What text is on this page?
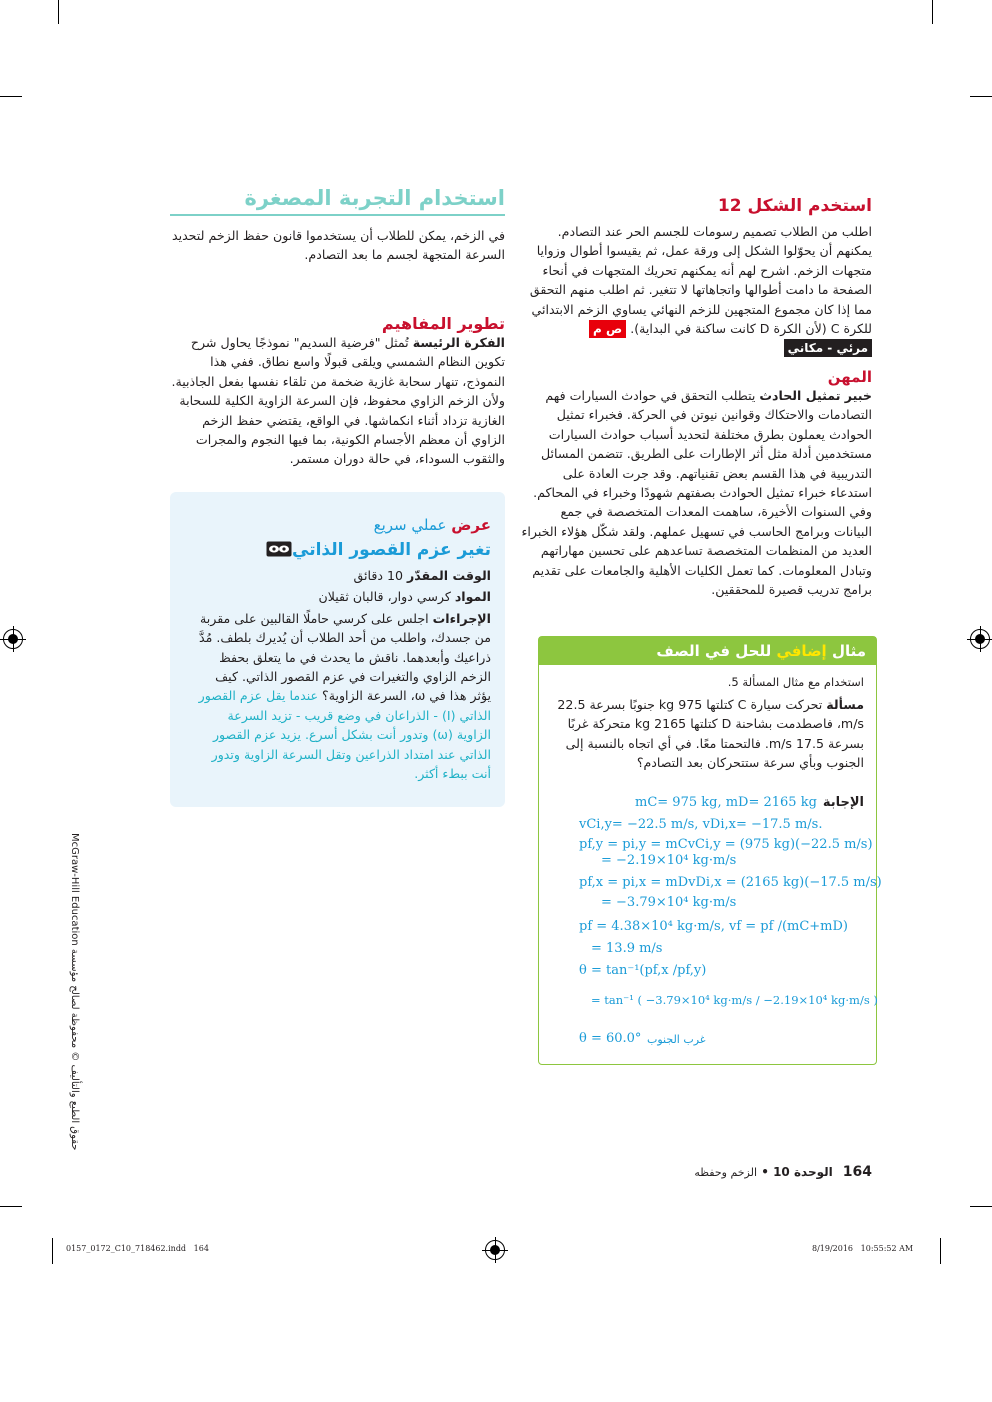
استخدم الشكل 12
اطلب من الطلاب تصميم رسومات للجسم الحر عند التصادم. يمكنهم أن يحوّلوا الشكل إلى ورقة عمل، ثم يقيسوا أطوال وزوايا متجهات الزخم. اشرح لهم أنه يمكنهم تحريك المتجهات في أنحاء الصفحة ما دامت أطوالها واتجاهاتها لا تتغير. ثم اطلب منهم التحقق مما إذا كان مجموع المتجهين للزخم النهائي يساوي الزخم الابتدائي للكرة C (لأن الكرة D كانت ساكنة في البداية). ص م مرئي - مكاني
المهن
خبير تمثيل الحادث يتطلب التحقق في حوادث السيارات فهم التصادمات والاحتكاك وقوانين نيوتن في الحركة. فخبراء تمثيل الحوادث يعملون بطرق مختلفة لتحديد أسباب حوادث السيارات مستخدمين أدلة مثل أثر الإطارات على الطريق. تتضمن المسائل التدريبية في هذا القسم بعض تقنياتهم. وقد جرت العادة على استدعاء خبراء تمثيل الحوادث بصفتهم شهودًا وخبراء في المحاكم. وفي السنوات الأخيرة، ساهمت المعدات المتخصصة في جمع البيانات وبرامج الحاسب في تسهيل عملهم. ولقد شكّل هؤلاء الخبراء العديد من المنظمات المتخصصة تساعدهم على تحسين مهاراتهم وتبادل المعلومات. كما تعمل الكليات الأهلية والجامعات على تقديم برامج تدريب قصيرة للمحققين.
مثال إضافي للحل في الصف
استخدام مع مثال المسألة 5.
مسألة تحركت سيارة C كتلتها 975 kg جنوبًا بسرعة 22.5 m/s، فاصطدمت بشاحنة D كتلتها 2165 kg متحركة غربًا بسرعة 17.5 m/s. فالتحمتا معًا. في أي اتجاه بالنسبة إلى الجنوب وبأي سرعة ستتحركان بعد التصادم؟
الإجابة
mC= 975 kg, mD= 2165 kg
vCi,y= −22.5 m/s, vDi,x= −17.5 m/s.
pf,y = pi,y = mCvCi,y = (975 kg)(−22.5 m/s)
= −2.19×10⁴ kg·m/s
pf,x = pi,x = mDvDi,x = (2165 kg)(−17.5 m/s)
= −3.79×10⁴ kg·m/s
pf = 4.38×10⁴ kg·m/s, vf = pf /(mC+mD)
= 13.9 m/s
θ = tan⁻¹(pf,x /pf,y)
= tan⁻¹ ( −3.79×10⁴ kg·m/s / −2.19×10⁴ kg·m/s )
θ = 60.0° غرب الجنوب
استخدام التجربة المصغرة
في الزخم، يمكن للطلاب أن يستخدموا قانون حفظ الزخم لتحديد السرعة المتجهة لجسم ما بعد التصادم.
تطوير المفاهيم
الفكرة الرئيسة تُمثل "فرضية السديم" نموذجًا يحاول شرح تكوين النظام الشمسي ويلقى قبولًا واسع نطاق. ففي هذا النموذج، تنهار سحابة غازية ضخمة من تلقاء نفسها بفعل الجاذبية. ولأن الزخم الزاوي محفوظ، فإن السرعة الزاوية الكلية للسحابة الغازية تزداد أثناء انكماشها. في الواقع، يقتضي حفظ الزخم الزاوي أن معظم الأجسام الكونية، بما فيها النجوم والمجرات والثقوب السوداء، في حالة دوران مستمر.
عرض عملي سريع
تغير عزم القصور الذاتي
الوقت المقدّر 10 دقائق
المواد كرسي دوار، قالبان ثقيلان
الإجراءات اجلس على كرسي حاملًا القالبين على مقربة من جسدك، واطلب من أحد الطلاب أن يُديرك بلطف. مُدَّ ذراعيك وأبعدهما. ناقش ما يحدث في ما يتعلق بحفظ الزخم الزاوي والتغيرات في عزم القصور الذاتي. كيف يؤثر هذا في ω، السرعة الزاوية؟ عندما يقل عزم القصور الذاتي (I) - الذراعان في وضع قريب - تزيد السرعة الزاوية (ω) وتدور أنت بشكل أسرع. يزيد عزم القصور الذاتي عند امتداد الذراعين وتقل السرعة الزاوية وتدور أنت ببطء أكثر.
McGraw-Hill Education حقوق الطبع والتأليف © محفوظة لصالح مؤسسة
164الوحدة 10 • الزخم وحفظه
0157_0172_C10_718462.indd   164	8/19/2016   10:55:52 AM
